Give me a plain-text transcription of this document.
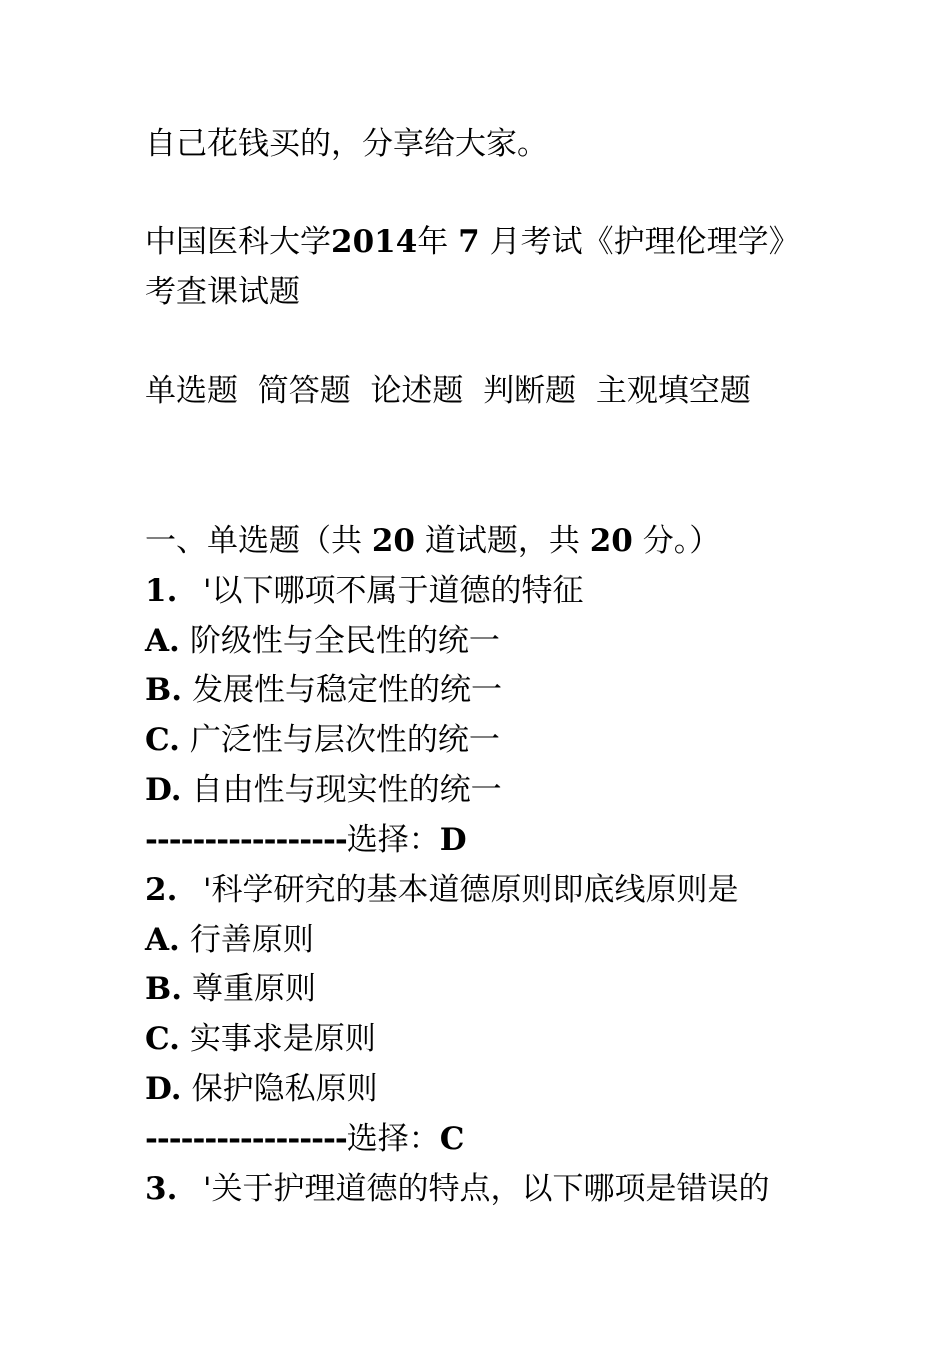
自己花钱买的，分享给大家。
中国医科大学2014年 7 月考试《护理伦理学》
考查课试题
单选题 简答题 论述题 判断题 主观填空题
一、单选题（共 20 道试题，共 20 分。）
1. '以下哪项不属于道德的特征
A. 阶级性与全民性的统一
B. 发展性与稳定性的统一
C. 广泛性与层次性的统一
D. 自由性与现实性的统一
-----------------选择：D
2. '科学研究的基本道德原则即底线原则是
A. 行善原则
B. 尊重原则
C. 实事求是原则
D. 保护隐私原则
-----------------选择：C
3. '关于护理道德的特点，以下哪项是错误的
